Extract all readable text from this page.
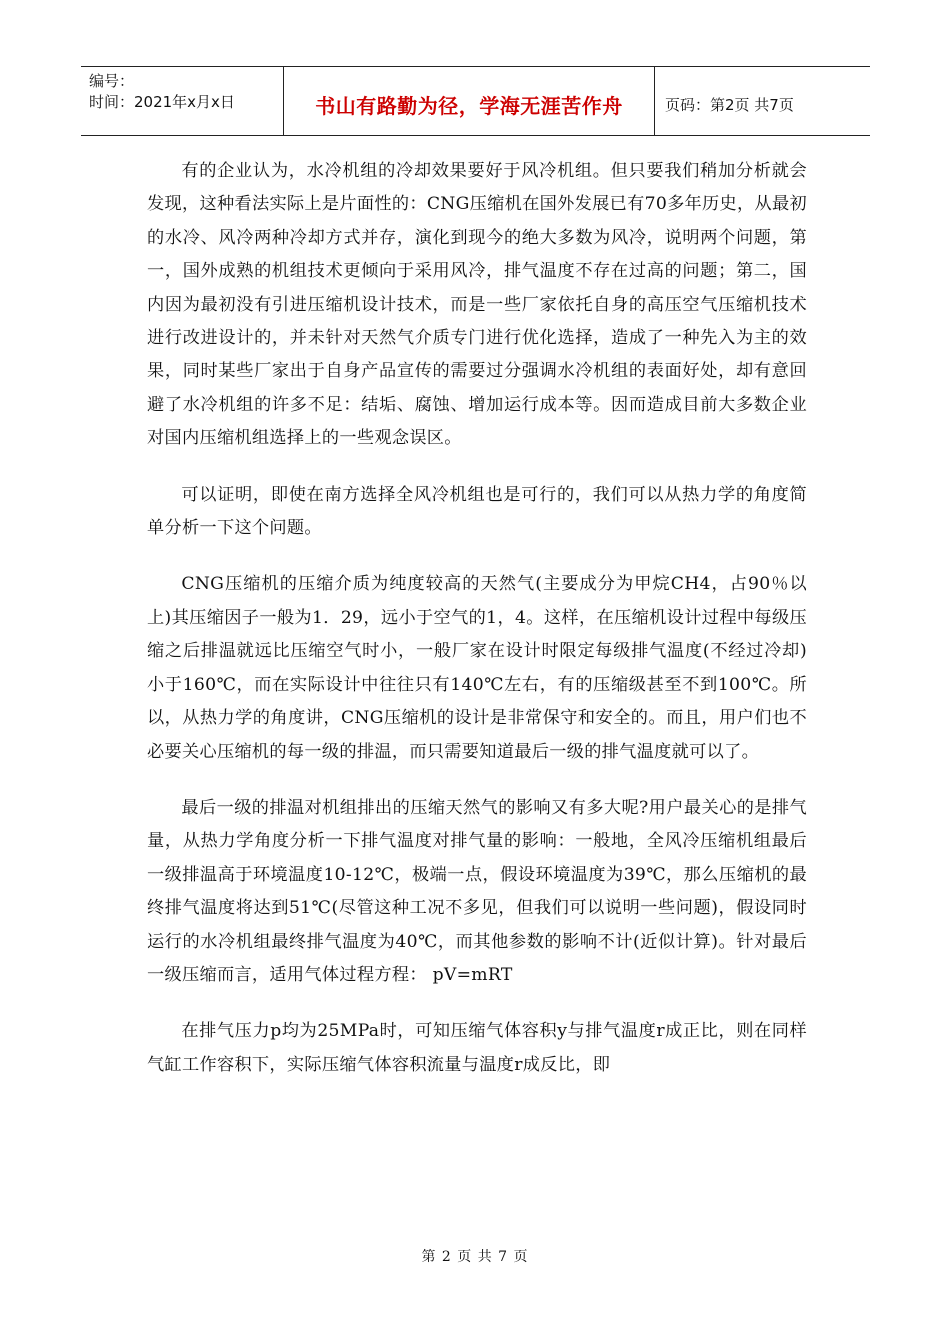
编号：
时间：2021年x月x日	书山有路勤为径，学海无涯苦作舟	页码：第2页 共7页

有的企业认为，水冷机组的冷却效果要好于风冷机组。但只要我们稍加分析就会发现，这种看法实际上是片面性的：CNG压缩机在国外发展已有70多年历史，从最初的水冷、风冷两种冷却方式并存，演化到现今的绝大多数为风冷，说明两个问题，第一，国外成熟的机组技术更倾向于采用风冷，排气温度不存在过高的问题；第二，国内因为最初没有引进压缩机设计技术，而是一些厂家依托自身的高压空气压缩机技术进行改进设计的，并未针对天然气介质专门进行优化选择，造成了一种先入为主的效果，同时某些厂家出于自身产品宣传的需要过分强调水冷机组的表面好处，却有意回避了水冷机组的许多不足：结垢、腐蚀、增加运行成本等。因而造成目前大多数企业对国内压缩机组选择上的一些观念误区。

可以证明，即使在南方选择全风冷机组也是可行的，我们可以从热力学的角度简单分析一下这个问题。

CNG压缩机的压缩介质为纯度较高的天然气(主要成分为甲烷CH4，占90％以上)其压缩因子一般为1．29，远小于空气的1，4。这样，在压缩机设计过程中每级压缩之后排温就远比压缩空气时小，一般厂家在设计时限定每级排气温度(不经过冷却)小于160℃，而在实际设计中往往只有140℃左右，有的压缩级甚至不到100℃。所以，从热力学的角度讲，CNG压缩机的设计是非常保守和安全的。而且，用户们也不必要关心压缩机的每一级的排温，而只需要知道最后一级的排气温度就可以了。

最后一级的排温对机组排出的压缩天然气的影响又有多大呢?用户最关心的是排气量，从热力学角度分析一下排气温度对排气量的影响：一般地，全风冷压缩机组最后一级排温高于环境温度10-12℃，极端一点，假设环境温度为39℃，那么压缩机的最终排气温度将达到51℃(尽管这种工况不多见，但我们可以说明一些问题)，假设同时运行的水冷机组最终排气温度为40℃，而其他参数的影响不计(近似计算)。针对最后一级压缩而言，适用气体过程方程： pV=mRT

在排气压力p均为25MPa时，可知压缩气体容积y与排气温度r成正比，则在同样气缸工作容积下，实际压缩气体容积流量与温度r成反比，即

第 2 页 共 7 页
